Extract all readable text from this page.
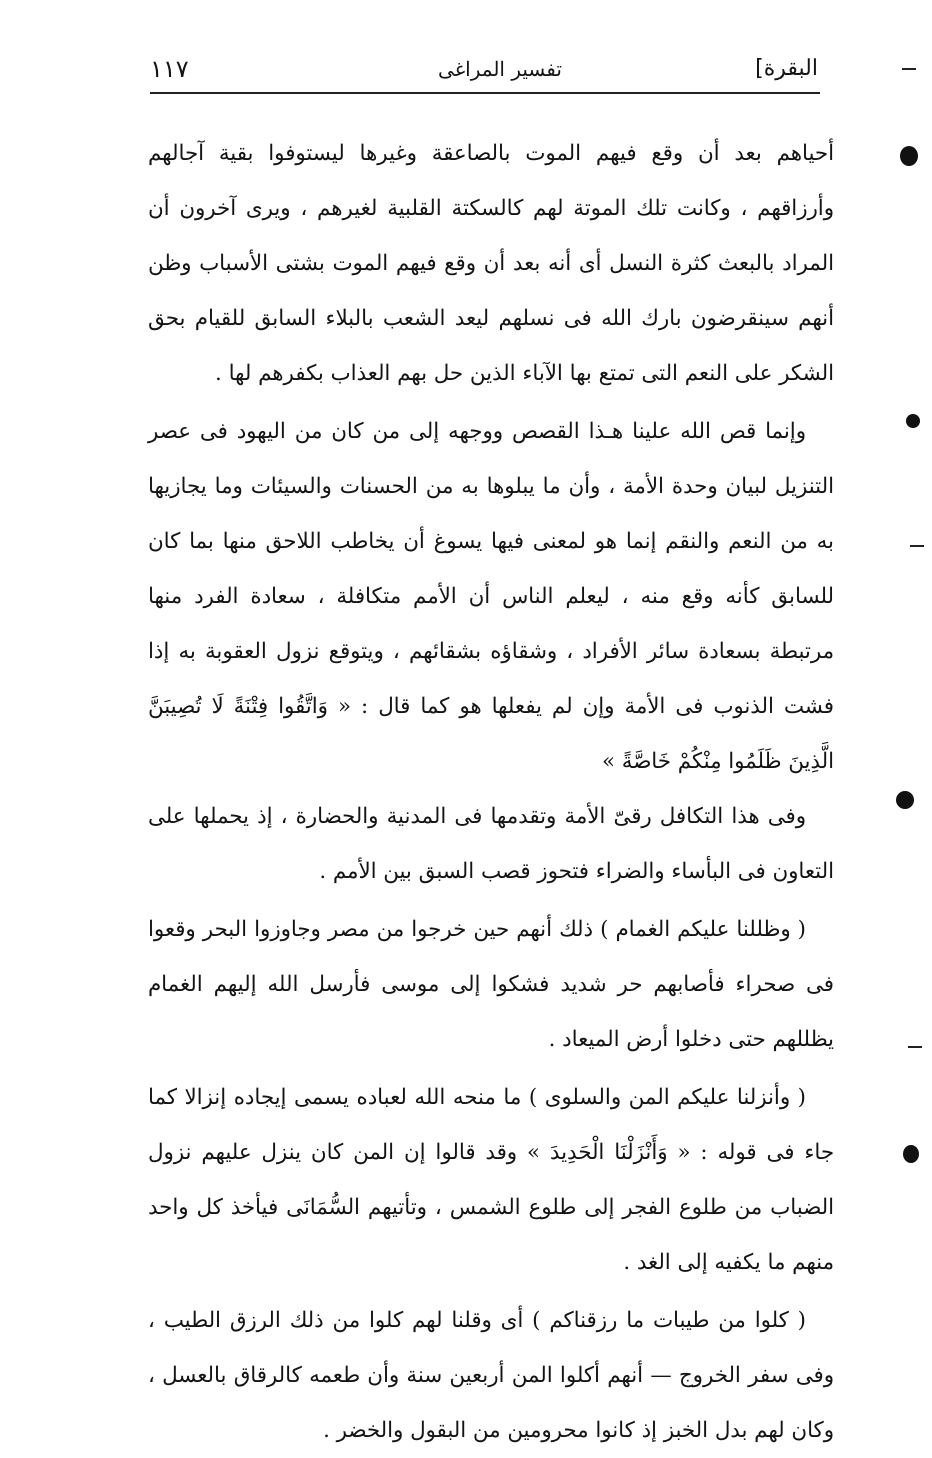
البقرة]
تفسير المراغى
١١٧

أحياهم بعد أن وقع فيهم الموت بالصاعقة وغيرها ليستوفوا بقية آجالهم وأرزاقهم ، وكانت تلك الموتة لهم كالسكتة القلبية لغيرهم ، ويرى آخرون أن المراد بالبعث كثرة النسل أى أنه بعد أن وقع فيهم الموت بشتى الأسباب وظن أنهم سينقرضون بارك الله فى نسلهم ليعد الشعب بالبلاء السابق للقيام بحق الشكر على النعم التى تمتع بها الآباء الذين حل بهم العذاب بكفرهم لها .

وإنما قص الله علينا هـذا القصص ووجهه إلى من كان من اليهود فى عصر التنزيل لبيان وحدة الأمة ، وأن ما يبلوها به من الحسنات والسيئات وما يجازيها به من النعم والنقم إنما هو لمعنى فيها يسوغ أن يخاطب اللاحق منها بما كان للسابق كأنه وقع منه ، ليعلم الناس أن الأمم متكافلة ، سعادة الفرد منها مرتبطة بسعادة سائر الأفراد ، وشقاؤه بشقائهم ، ويتوقع نزول العقوبة به إذا فشت الذنوب فى الأمة وإن لم يفعلها هو كما قال : « وَاتَّقُوا فِتْنَةً لَا تُصِيبَنَّ الَّذِينَ ظَلَمُوا مِنْكُمْ خَاصَّةً »

وفى هذا التكافل رقىّ الأمة وتقدمها فى المدنية والحضارة ، إذ يحملها على التعاون فى البأساء والضراء فتحوز قصب السبق بين الأمم .

( وظللنا عليكم الغمام ) ذلك أنهم حين خرجوا من مصر وجاوزوا البحر وقعوا فى صحراء فأصابهم حر شديد فشكوا إلى موسى فأرسل الله إليهم الغمام يظللهم حتى دخلوا أرض الميعاد .

( وأنزلنا عليكم المن والسلوى ) ما منحه الله لعباده يسمى إيجاده إنزالا كما جاء فى قوله : « وَأَنْزَلْنَا الْحَدِيدَ » وقد قالوا إن المن كان ينزل عليهم نزول الضباب من طلوع الفجر إلى طلوع الشمس ، وتأتيهم السُّمَانَى فيأخذ كل واحد منهم ما يكفيه إلى الغد .

( كلوا من طيبات ما رزقناكم ) أى وقلنا لهم كلوا من ذلك الرزق الطيب ، وفى سفر الخروج — أنهم أكلوا المن أربعين سنة وأن طعمه كالرقاق بالعسل ، وكان لهم بدل الخبز إذ كانوا محرومين من البقول والخضر .
